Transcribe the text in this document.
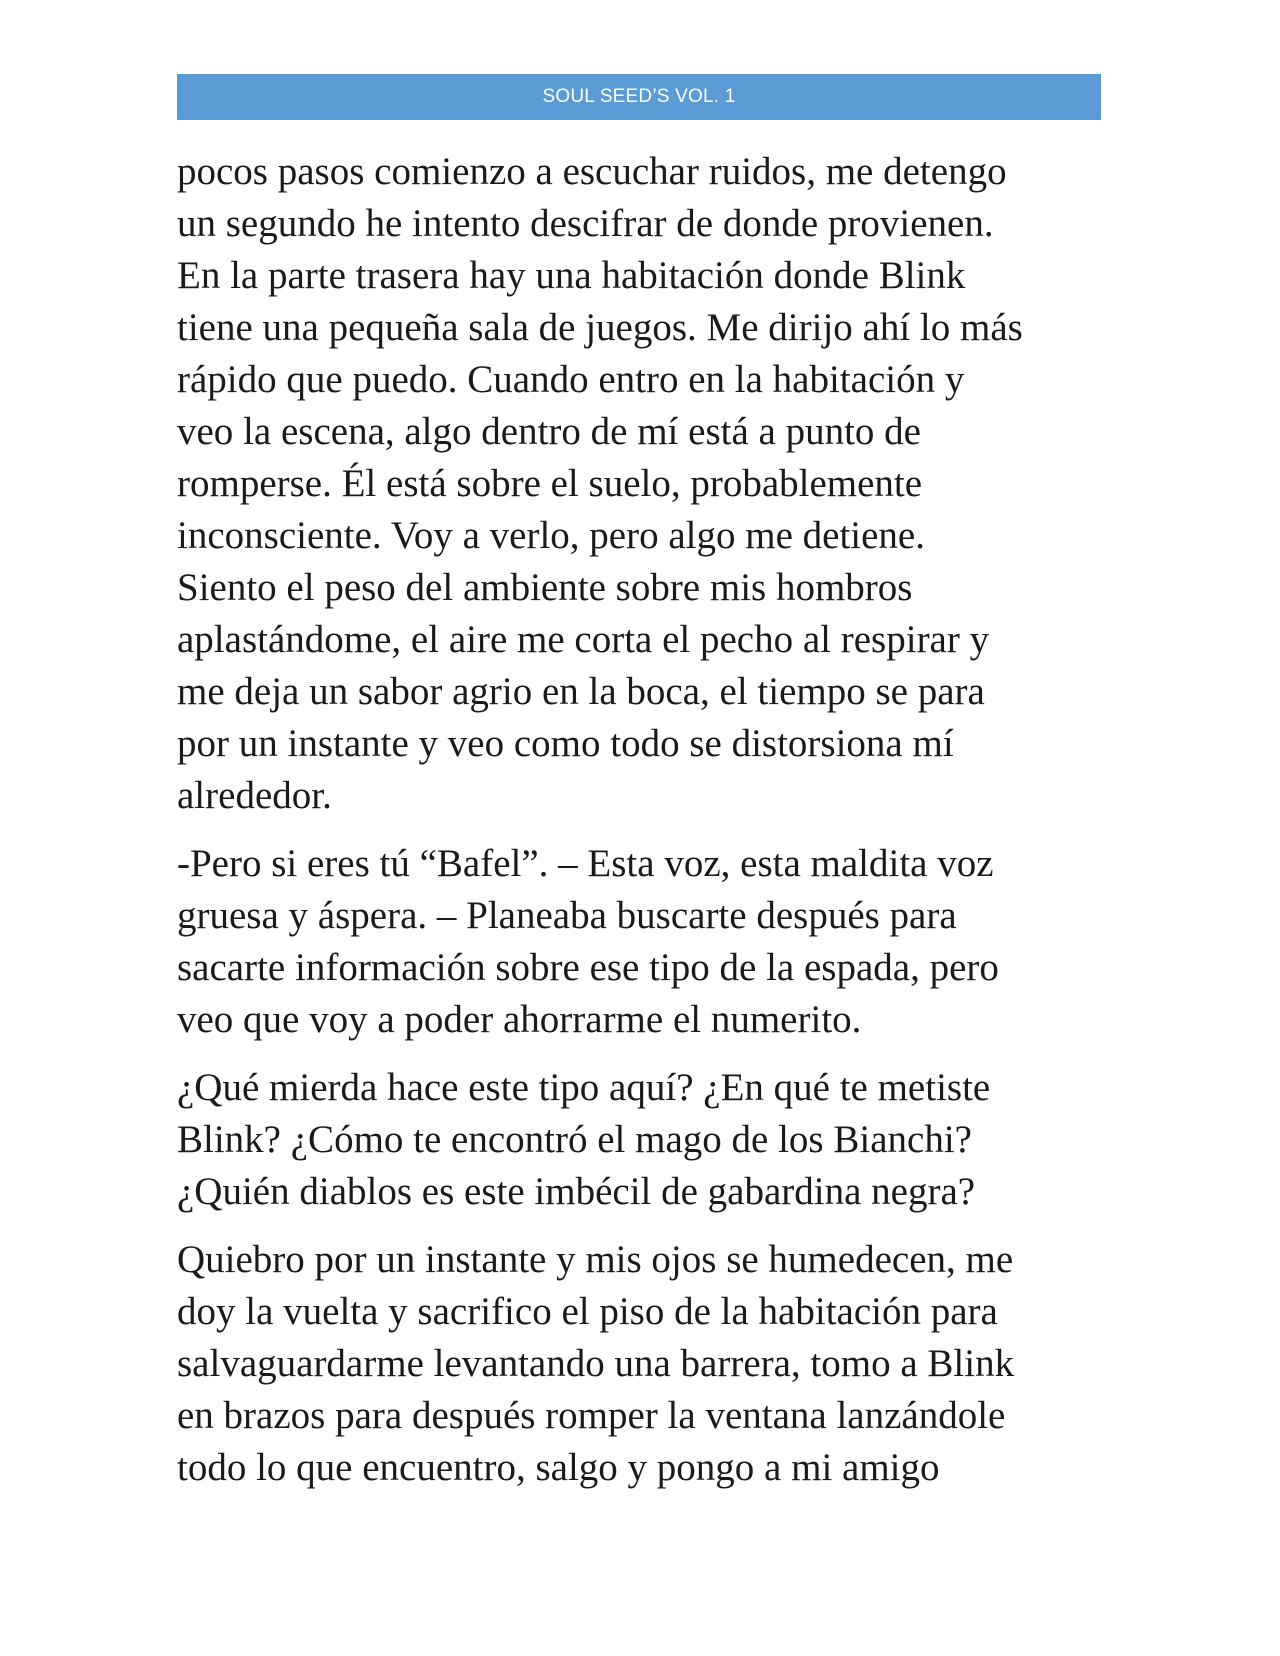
SOUL SEED’S VOL. 1

pocos pasos comienzo a escuchar ruidos, me detengo
un segundo he intento descifrar de donde provienen.
En la parte trasera hay una habitación donde Blink
tiene una pequeña sala de juegos. Me dirijo ahí lo más
rápido que puedo. Cuando entro en la habitación y
veo la escena, algo dentro de mí está a punto de
romperse. Él está sobre el suelo, probablemente
inconsciente. Voy a verlo, pero algo me detiene.
Siento el peso del ambiente sobre mis hombros
aplastándome, el aire me corta el pecho al respirar y
me deja un sabor agrio en la boca, el tiempo se para
por un instante y veo como todo se distorsiona mí
alrededor.

-Pero si eres tú “Bafel”. – Esta voz, esta maldita voz
gruesa y áspera. – Planeaba buscarte después para
sacarte información sobre ese tipo de la espada, pero
veo que voy a poder ahorrarme el numerito.

¿Qué mierda hace este tipo aquí? ¿En qué te metiste
Blink? ¿Cómo te encontró el mago de los Bianchi?
¿Quién diablos es este imbécil de gabardina negra?

Quiebro por un instante y mis ojos se humedecen, me
doy la vuelta y sacrifico el piso de la habitación para
salvaguardarme levantando una barrera, tomo a Blink
en brazos para después romper la ventana lanzándole
todo lo que encuentro, salgo y pongo a mi amigo
